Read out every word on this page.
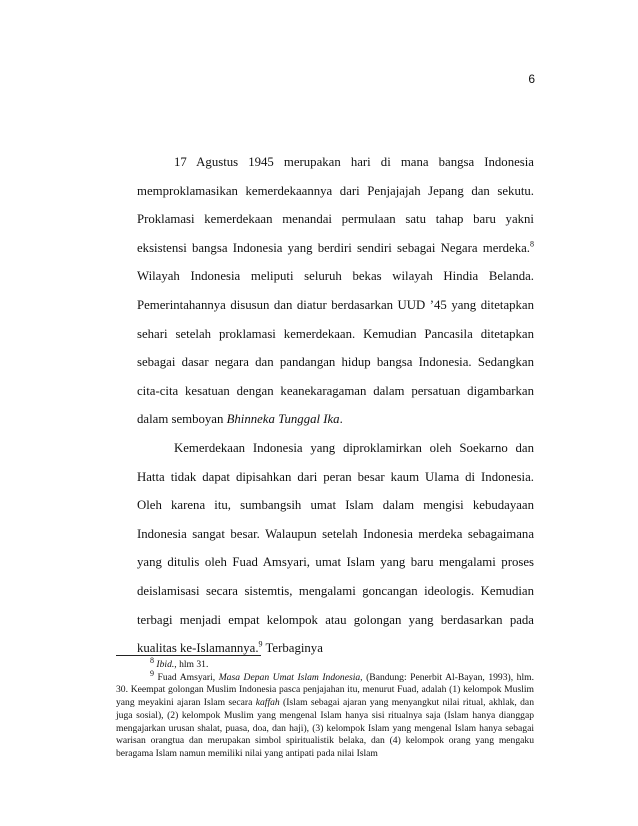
6

17 Agustus 1945 merupakan hari di mana bangsa Indonesia memproklamasikan kemerdekaannya dari Penjajajah Jepang dan sekutu. Proklamasi kemerdekaan menandai permulaan satu tahap baru yakni eksistensi bangsa Indonesia yang berdiri sendiri sebagai Negara merdeka.$^8$ Wilayah Indonesia meliputi seluruh bekas wilayah Hindia Belanda. Pemerintahannya disusun dan diatur berdasarkan UUD ’45 yang ditetapkan sehari setelah proklamasi kemerdekaan. Kemudian Pancasila ditetapkan sebagai dasar negara dan pandangan hidup bangsa Indonesia. Sedangkan cita-cita kesatuan dengan keanekaragaman dalam persatuan digambarkan dalam semboyan Bhinneka Tunggal Ika.

Kemerdekaan Indonesia yang diproklamirkan oleh Soekarno dan Hatta tidak dapat dipisahkan dari peran besar kaum Ulama di Indonesia. Oleh karena itu, sumbangsih umat Islam dalam mengisi kebudayaan Indonesia sangat besar. Walaupun setelah Indonesia merdeka sebagaimana yang ditulis oleh Fuad Amsyari, umat Islam yang baru mengalami proses deislamisasi secara sistemtis, mengalami goncangan ideologis. Kemudian terbagi menjadi empat kelompok atau golongan yang berdasarkan pada kualitas ke-Islamannya.$^9$ Terbaginya

$^8$ Ibid., hlm 31.

$^9$ Fuad Amsyari, Masa Depan Umat Islam Indonesia, (Bandung: Penerbit Al-Bayan, 1993), hlm. 30. Keempat golongan Muslim Indonesia pasca penjajahan itu, menurut Fuad, adalah (1) kelompok Muslim yang meyakini ajaran Islam secara kaffah (Islam sebagai ajaran yang menyangkut nilai ritual, akhlak, dan juga sosial), (2) kelompok Muslim yang mengenal Islam hanya sisi ritualnya saja (Islam hanya dianggap mengajarkan urusan shalat, puasa, doa, dan haji), (3) kelompok Islam yang mengenal Islam hanya sebagai warisan orangtua dan merupakan simbol spiritualistik belaka, dan (4) kelompok orang yang mengaku beragama Islam namun memiliki nilai yang antipati pada nilai Islam
